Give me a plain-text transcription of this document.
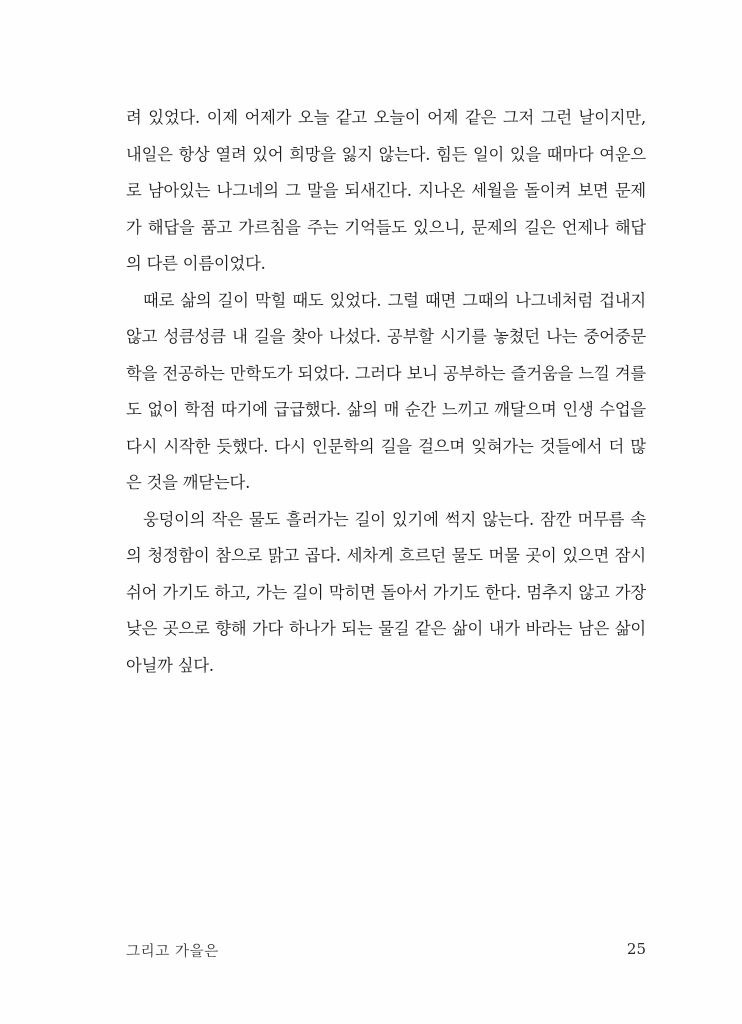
려 있었다. 이제 어제가 오늘 같고 오늘이 어제 같은 그저 그런 날이지만, 내일은 항상 열려 있어 희망을 잃지 않는다. 힘든 일이 있을 때마다 여운으로 남아있는 나그네의 그 말을 되새긴다. 지나온 세월을 돌이켜 보면 문제가 해답을 품고 가르침을 주는 기억들도 있으니, 문제의 길은 언제나 해답의 다른 이름이었다.

때로 삶의 길이 막힐 때도 있었다. 그럴 때면 그때의 나그네처럼 겁내지 않고 성큼성큼 내 길을 찾아 나섰다. 공부할 시기를 놓쳤던 나는 중어중문학을 전공하는 만학도가 되었다. 그러다 보니 공부하는 즐거움을 느낄 겨를도 없이 학점 따기에 급급했다. 삶의 매 순간 느끼고 깨달으며 인생 수업을 다시 시작한 듯했다. 다시 인문학의 길을 걸으며 잊혀가는 것들에서 더 많은 것을 깨닫는다.

웅덩이의 작은 물도 흘러가는 길이 있기에 썩지 않는다. 잠깐 머무름 속의 청정함이 참으로 맑고 곱다. 세차게 흐르던 물도 머물 곳이 있으면 잠시 쉬어 가기도 하고, 가는 길이 막히면 돌아서 가기도 한다. 멈추지 않고 가장 낮은 곳으로 향해 가다 하나가 되는 물길 같은 삶이 내가 바라는 남은 삶이 아닐까 싶다.

그리고 가을은	25
